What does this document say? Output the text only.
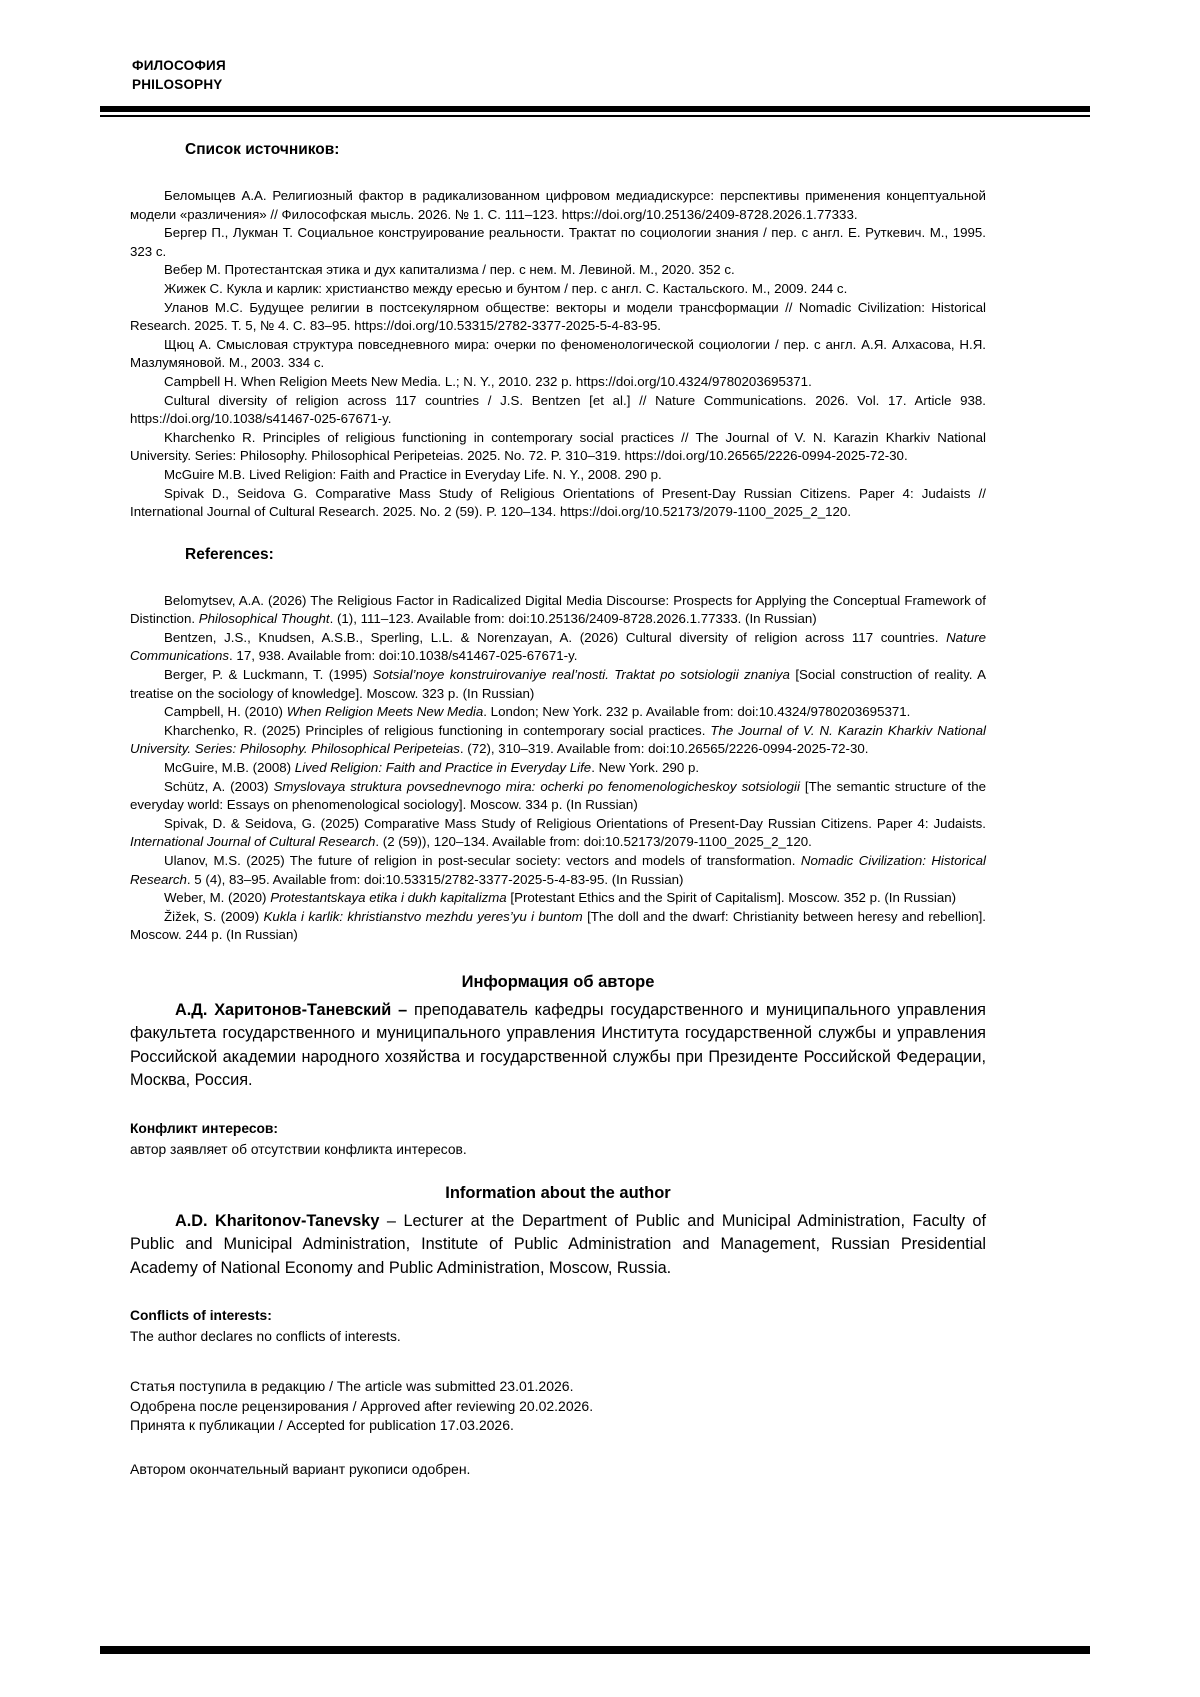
ФИЛОСОФИЯ
PHILOSOPHY
Список источников:

Беломыцев А.А. Религиозный фактор в радикализованном цифровом медиадискурсе: перспективы применения концептуальной модели «различения» // Философская мысль. 2026. № 1. С. 111–123. https://doi.org/10.25136/2409-8728.2026.1.77333.

Бергер П., Лукман Т. Социальное конструирование реальности. Трактат по социологии знания / пер. с англ. Е. Руткевич. М., 1995. 323 с.

Вебер М. Протестантская этика и дух капитализма / пер. с нем. М. Левиной. М., 2020. 352 с.

Жижек С. Кукла и карлик: христианство между ересью и бунтом / пер. с англ. С. Кастальского. М., 2009. 244 с.

Уланов М.С. Будущее религии в постсекулярном обществе: векторы и модели трансформации // Nomadic Civilization: Historical Research. 2025. Т. 5, № 4. С. 83–95. https://doi.org/10.53315/2782-3377-2025-5-4-83-95.

Щюц А. Смысловая структура повседневного мира: очерки по феноменологической социологии / пер. с англ. А.Я. Алхасова, Н.Я. Мазлумяновой. М., 2003. 334 с.

Campbell H. When Religion Meets New Media. L.; N. Y., 2010. 232 p. https://doi.org/10.4324/9780203695371.

Cultural diversity of religion across 117 countries / J.S. Bentzen [et al.] // Nature Communications. 2026. Vol. 17. Article 938. https://doi.org/10.1038/s41467-025-67671-y.

Kharchenko R. Principles of religious functioning in contemporary social practices // The Journal of V. N. Karazin Kharkiv National University. Series: Philosophy. Philosophical Peripeteias. 2025. No. 72. P. 310–319. https://doi.org/10.26565/2226-0994-2025-72-30.

McGuire M.B. Lived Religion: Faith and Practice in Everyday Life. N. Y., 2008. 290 p.

Spivak D., Seidova G. Comparative Mass Study of Religious Orientations of Present-Day Russian Citizens. Paper 4: Judaists // International Journal of Cultural Research. 2025. No. 2 (59). P. 120–134. https://doi.org/10.52173/2079-1100_2025_2_120.

References:

Belomytsev, A.A. (2026) The Religious Factor in Radicalized Digital Media Discourse: Prospects for Applying the Conceptual Framework of Distinction. Philosophical Thought. (1), 111–123. Available from: doi:10.25136/2409-8728.2026.1.77333. (In Russian)

Bentzen, J.S., Knudsen, A.S.B., Sperling, L.L. & Norenzayan, A. (2026) Cultural diversity of religion across 117 countries. Nature Communications. 17, 938. Available from: doi:10.1038/s41467-025-67671-y.

Berger, P. & Luckmann, T. (1995) Sotsial’noye konstruirovaniye real’nosti. Traktat po sotsiologii znaniya [Social construction of reality. A treatise on the sociology of knowledge]. Moscow. 323 p. (In Russian)

Campbell, H. (2010) When Religion Meets New Media. London; New York. 232 p. Available from: doi:10.4324/9780203695371.

Kharchenko, R. (2025) Principles of religious functioning in contemporary social practices. The Journal of V. N. Karazin Kharkiv National University. Series: Philosophy. Philosophical Peripeteias. (72), 310–319. Available from: doi:10.26565/2226-0994-2025-72-30.

McGuire, M.B. (2008) Lived Religion: Faith and Practice in Everyday Life. New York. 290 p.

Schütz, A. (2003) Smyslovaya struktura povsednevnogo mira: ocherki po fenomenologicheskoy sotsiologii [The semantic structure of the everyday world: Essays on phenomenological sociology]. Moscow. 334 p. (In Russian)

Spivak, D. & Seidova, G. (2025) Comparative Mass Study of Religious Orientations of Present-Day Russian Citizens. Paper 4: Judaists. International Journal of Cultural Research. (2 (59)), 120–134. Available from: doi:10.52173/2079-1100_2025_2_120.

Ulanov, M.S. (2025) The future of religion in post-secular society: vectors and models of transformation. Nomadic Civilization: Historical Research. 5 (4), 83–95. Available from: doi:10.53315/2782-3377-2025-5-4-83-95. (In Russian)

Weber, M. (2020) Protestantskaya etika i dukh kapitalizma [Protestant Ethics and the Spirit of Capitalism]. Moscow. 352 p. (In Russian)

Žižek, S. (2009) Kukla i karlik: khristianstvo mezhdu yeres’yu i buntom [The doll and the dwarf: Christianity between heresy and rebellion]. Moscow. 244 p. (In Russian)

Информация об авторе

А.Д. Харитонов-Таневский – преподаватель кафедры государственного и муниципального управления факультета государственного и муниципального управления Института государственной службы и управления Российской академии народного хозяйства и государственной службы при Президенте Российской Федерации, Москва, Россия.

Конфликт интересов:

автор заявляет об отсутствии конфликта интересов.

Information about the author

A.D. Kharitonov-Tanevsky – Lecturer at the Department of Public and Municipal Administration, Faculty of Public and Municipal Administration, Institute of Public Administration and Management, Russian Presidential Academy of National Economy and Public Administration, Moscow, Russia.

Conflicts of interests:

The author declares no conflicts of interests.

Статья поступила в редакцию / The article was submitted 23.01.2026.

Одобрена после рецензирования / Approved after reviewing 20.02.2026.

Принята к публикации / Accepted for publication 17.03.2026.

Автором окончательный вариант рукописи одобрен.
